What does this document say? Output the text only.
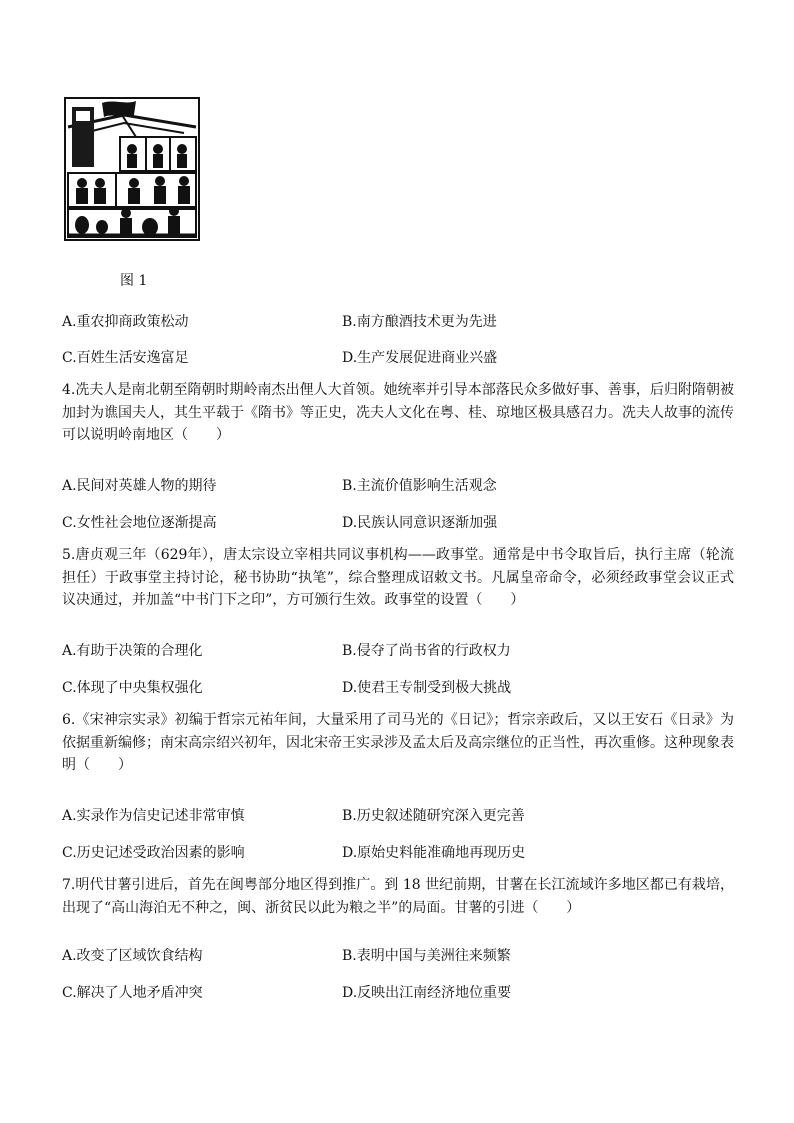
图 1
A.重农抑商政策松动	B.南方酿酒技术更为先进
C.百姓生活安逸富足	D.生产发展促进商业兴盛
4.冼夫人是南北朝至隋朝时期岭南杰出俚人大首领。她统率并引导本部落民众多做好事、善事，后归附隋朝被加封为谯国夫人，其生平载于《隋书》等正史，冼夫人文化在粤、桂、琼地区极具感召力。冼夫人故事的流传可以说明岭南地区（　　）
A.民间对英雄人物的期待	B.主流价值影响生活观念
C.女性社会地位逐渐提高	D.民族认同意识逐渐加强
5.唐贞观三年（629年），唐太宗设立宰相共同议事机构——政事堂。通常是中书令取旨后，执行主席（轮流担任）于政事堂主持讨论，秘书协助“执笔”，综合整理成诏敕文书。凡属皇帝命令，必须经政事堂会议正式议决通过，并加盖“中书门下之印”，方可颁行生效。政事堂的设置（　　）
A.有助于决策的合理化	B.侵夺了尚书省的行政权力
C.体现了中央集权强化	D.使君王专制受到极大挑战
6.《宋神宗实录》初编于哲宗元祐年间，大量采用了司马光的《日记》；哲宗亲政后，又以王安石《日录》为依据重新编修；南宋高宗绍兴初年，因北宋帝王实录涉及孟太后及高宗继位的正当性，再次重修。这种现象表明（　　）
A.实录作为信史记述非常审慎	B.历史叙述随研究深入更完善
C.历史记述受政治因素的影响	D.原始史料能准确地再现历史
7.明代甘薯引进后，首先在闽粤部分地区得到推广。到 18 世纪前期，甘薯在长江流域许多地区都已有栽培，出现了“高山海泊无不种之，闽、浙贫民以此为粮之半”的局面。甘薯的引进（　　）
A.改变了区域饮食结构	B.表明中国与美洲往来频繁
C.解决了人地矛盾冲突	D.反映出江南经济地位重要
